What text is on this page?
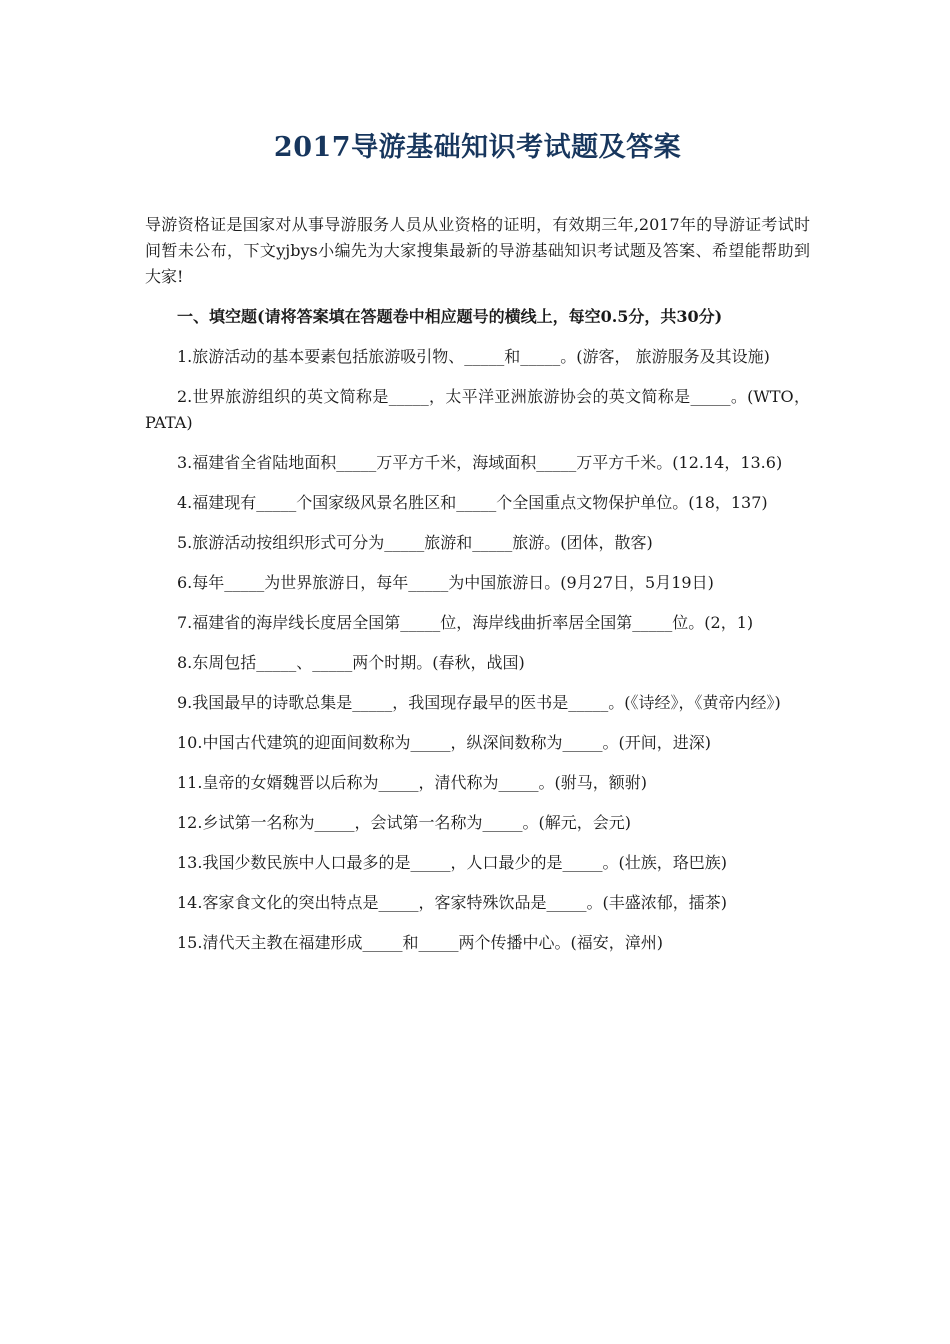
2017导游基础知识考试题及答案

导游资格证是国家对从事导游服务人员从业资格的证明，有效期三年,2017年的导游证考试时间暂未公布，下文yjbys小编先为大家搜集最新的导游基础知识考试题及答案、希望能帮助到大家!

一、填空题(请将答案填在答题卷中相应题号的横线上，每空0.5分，共30分)

1.旅游活动的基本要素包括旅游吸引物、_____和_____。(游客， 旅游服务及其设施)

2.世界旅游组织的英文简称是_____，太平洋亚洲旅游协会的英文简称是_____。(WTO，PATA)

3.福建省全省陆地面积_____万平方千米，海域面积_____万平方千米。(12.14，13.6)

4.福建现有_____个国家级风景名胜区和_____个全国重点文物保护单位。(18，137)

5.旅游活动按组织形式可分为_____旅游和_____旅游。(团体，散客)

6.每年_____为世界旅游日，每年_____为中国旅游日。(9月27日，5月19日)

7.福建省的海岸线长度居全国第_____位，海岸线曲折率居全国第_____位。(2，1)

8.东周包括_____、_____两个时期。(春秋，战国)

9.我国最早的诗歌总集是_____，我国现存最早的医书是_____。(《诗经》，《黄帝内经》)

10.中国古代建筑的迎面间数称为_____，纵深间数称为_____。(开间，进深)

11.皇帝的女婿魏晋以后称为_____，清代称为_____。(驸马，额驸)

12.乡试第一名称为_____，会试第一名称为_____。(解元，会元)

13.我国少数民族中人口最多的是_____，人口最少的是_____。(壮族，珞巴族)

14.客家食文化的突出特点是_____，客家特殊饮品是_____。(丰盛浓郁，擂茶)

15.清代天主教在福建形成_____和_____两个传播中心。(福安，漳州)
